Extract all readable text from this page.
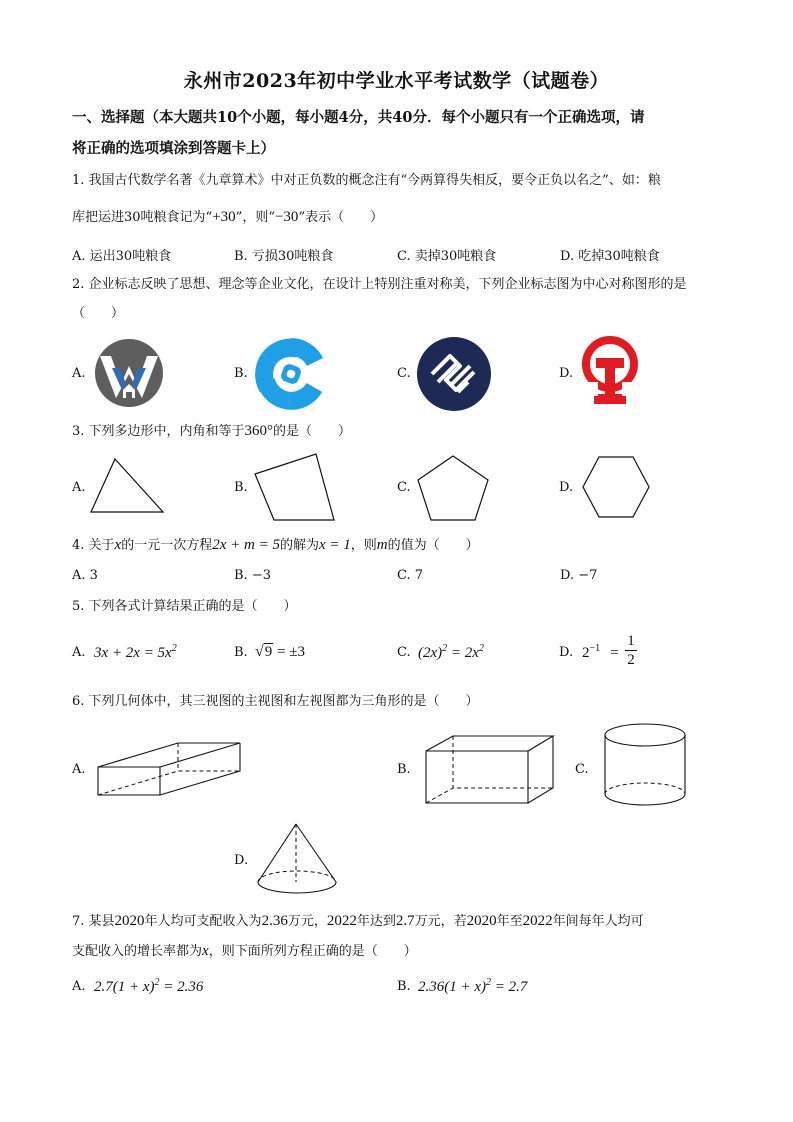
永州市2023年初中学业水平考试数学（试题卷）
一、选择题（本大题共10个小题，每小题4分，共40分．每个小题只有一个正确选项，请
将正确的选项填涂到答题卡上）
1. 我国古代数学名著《九章算术》中对正负数的概念注有“今两算得失相反，要令正负以名之”、如：粮
库把运进30吨粮食记为“+30”，则“−30”表示（　　）
A. 运出30吨粮食	B. 亏损30吨粮食	C. 卖掉30吨粮食	D. 吃掉30吨粮食
2. 企业标志反映了思想、理念等企业文化，在设计上特别注重对称美，下列企业标志图为中心对称图形的是
（　　）
A.	B.	C.	D.
3. 下列多边形中，内角和等于360°的是（　　）
A.	B.	C.	D.
4. 关于x的一元一次方程2x + m = 5的解为x = 1，则m的值为（　　）
A. 3	B. −3	C. 7	D. −7
5. 下列各式计算结果正确的是（　　）
A. $3x + 2x = 5x^2$	B. √9 = ±3	C. $(2x)^2 = 2x^2$	D. $2^{-1}$ =
1
2
6. 下列几何体中，其三视图的主视图和左视图都为三角形的是（　　）
A.	B.	C.
D.
7. 某县2020年人均可支配收入为2.36万元，2022年达到2.7万元，若2020年至2022年间每年人均可
支配收入的增长率都为x，则下面所列方程正确的是（　　）
A. $2.7(1 + x)^2 = 2.36$	B. $2.36(1 + x)^2 = 2.7$
